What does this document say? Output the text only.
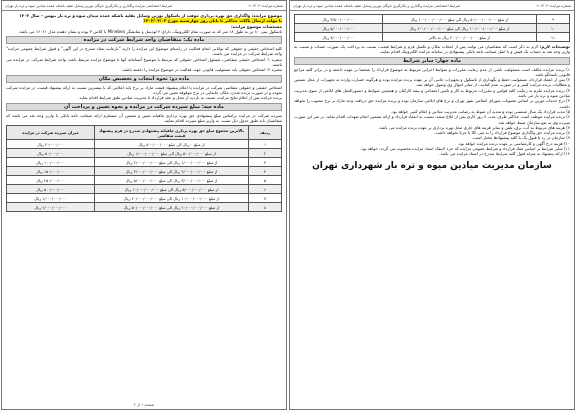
شماره مزایده: ۱۴۰۳-۰۶
شرایط اختصاصی مزایده واگذاری و بکارگیری ناوگان توزین وسایل نقلیه باشکه عمده میادین میوه و تره بار تهران
موضوع مزایده: واگذاری حق بهره برداری موقت از باسکول توزین وسایل نقلیه باشکه عمده میدان میوه و تره بار بیهس – سال ۱۴۰۳
با مهلت ارسال پاکات حداکثر تا پایان روز چهارشنبه مورخ ۱۴۰۳/۰۴/۰۳
مشخصات موضوع مزایده:
باسکول بتنی ۸۰ تن به طول ۱۸ متر که به صورت تمام الکترونیک، دارای ۴ لودسل و نمایشگر Minebea با کلاس ۳ بوده و نشان دهنده مدل ۱۶۰۶۱ می باشد.
ماده یک: متقاضیان واجد شرایط شرکت در مزایده
کلیه اشخاص حقیقی و حقوقی که توانایی انجام فعالیت در راستای موضوع این مزایده را دارند "بارعایت مفاد مندرج در این آگهی" و قبول شرایط عمومی مزایده" واجد شرایط شرکت در مزایده می باشند.
تبصره ۱: اشخاص حقیقی متقاضی، مسئول اشخاص حقوقی که مرتبط با موضوع آنسامانه آنها با موضوع مزایده مرتبط باشد، واجد شرایط شرکت در مزایده می باشند.
تبصره ۲: اشخاص حقوقی باید مسئولیت قانونی جهت فعالیت در موضوع مزایده را داشته باشند.
ماده دو: نحوه انتخاب و تخصیص مکان
اشخاص حقیقی و حقوقی متقاضی شرکت در مزایده با اعلام پیشنهاد قیمت مازاد بر نرخ پایه اعلامی که با بیشترین نسبت به ارائه پیشنهاد قیمت، در مزایده شرکت نموده و در صورت برنده شدن، مکان جانمایی در نرخ موقوفه تعیین می گردد.
برنده مزایده پس از اعلام نتایج مزایده، نسبت به بازدید از محل و عقد قرارداد با مدیریت میادین طبق شرایط اقدام نماید.
ماده سه: مبلغ سپرده شرکت در مزایده و نحوه تعیین و پرداخت آن
سپرده شرکت در مزایده براساس مبلغ پیشنهادی حق بهره برداری ماهیانه تعیین و تضمین آن مستلزم ارائه ضمانت نامه بانکی یا واریز وجه نقد می باشد که متقاضیان باید طبق جدول ذیل نسبت به واریز مبلغ سپرده اقدام نمایند.
ردیف	بالاترین مجموع مبلغ حق بهره برداری ماهیانه پیشنهادی مندرج در فرم پیشنهاد قیمت متقاضی	میزان سپرده شرکت در مزایده
۱	از مبلغ ۰ ریال الی مبلغ ۵۰۰/۰۰۰/۰۰۰ ریال	۲۰/۰۰۰/۰۰۰ ریال
۲	از مبلغ ۵۰۰/۰۰۰/۰۰۰ ریال الی مبلغ ۱/۰۰۰/۰۰۰/۰۰۰ ریال	۵۰/۰۰۰/۰۰۰ ریال
۳	از مبلغ ۱/۰۰۰/۰۰۰/۰۰۰ ریال الی مبلغ ۲/۰۰۰/۰۰۰/۰۰۰ ریال	۱۰۰/۰۰۰/۰۰۰ ریال
۴	از مبلغ ۲/۰۰۰/۰۰۰/۰۰۰ ریال الی مبلغ ۳/۰۰۰/۰۰۰/۰۰۰ ریال	۱۵۰/۰۰۰/۰۰۰ ریال
۵	از مبلغ ۳/۰۰۰/۰۰۰/۰۰۰ ریال الی مبلغ ۵/۰۰۰/۰۰۰/۰۰۰ ریال	۲۵۰/۰۰۰/۰۰۰ ریال
۶	از مبلغ ۵/۰۰۰/۰۰۰/۰۰۰ ریال الی مبلغ ۱۰/۰۰۰/۰۰۰/۰۰۰ ریال	۵۰۰/۰۰۰/۰۰۰ ریال
۷	از مبلغ ۱۰/۰۰۰/۰۰۰/۰۰۰ ریال الی مبلغ ۲۰/۰۰۰/۰۰۰/۰۰۰ ریال	۱/۰۰۰/۰۰۰/۰۰۰ ریال
۸	از مبلغ ۲۰/۰۰۰/۰۰۰/۰۰۰ ریال الی مبلغ ۵۰/۰۰۰/۰۰۰/۰۰۰ ریال	۲/۰۰۰/۰۰۰/۰۰۰ ریال
صفحه ۱ از ۲
شماره مزایده: ۱۴۰۳-۰۶
شرایط اختصاصی مزایده واگذاری و بکارگیری ناوگان توزین وسایل نقلیه باشکه عمده میادین میوه و تره بار تهران
۹	از مبلغ ۵۰/۰۰۰/۰۰۰/۰۰۰ ریال الی مبلغ ۱۰۰/۰۰۰/۰۰۰/۰۰۰ ریال	۳/۵۰۰/۰۰۰/۰۰۰ ریال
۱۰	از مبلغ ۱۰۰/۰۰۰/۰۰۰/۰۰۰ ریال الی مبلغ ۲۰۰/۰۰۰/۰۰۰/۰۰۰ ریال	۵/۰۰۰/۰۰۰/۰۰۰ ریال
۱۱	از مبلغ ۲۰۰/۰۰۰/۰۰۰/۰۰۰ ریال به بالاتر	۷/۰۰۰/۰۰۰/۰۰۰ ریال
توضیحات لازم: لازم به ذکر است که متقاضیان می توانند پس از انتخاب مکان و تکمیل فرم و شرایط قیمت، نسبت به پرداخت یک صورت حساب و نسبت به واریز وجه نقد به حساب یک فیش و یا اصل ضمانت نامه بانکی پیشنهادی در سامانه مزایده الکترونیک اقدام نمایند.
ماده چهار: سایر شرایط
۱) برنده مزایده مکلف است مسئولیت ناشی از عدم رعایت مقررات و ضوابط اجرایی مربوط به موضوع قرارداد را شخصا بر عهده داشته و در برابر کلیه مراجع قانونی پاسخگو باشد.
۲) پس از انعقاد قرارداد، مسئولیت حفظ و نگهداری از باسکول و تجهیزات جانبی آن بر عهده برنده مزایده بوده و هرگونه خسارت وارده به تجهیزات از محل تضمین و مطالبات برنده مزایده کسر و در صورت عدم کفایت، از سایر اموال وی وصول خواهد شد.
۳) برنده مزایده ملزم به رعایت کلیه قوانین و مقررات مربوط به کار و تامین اجتماعی و بیمه کارکنان و همچنین ضوابط و دستورالعمل های ابلاغی از سوی مدیریت میادین میوه و تره بار می باشد.
۴) نرخ خدمات توزین بر اساس مصوبات شورای اسلامی شهر تهران و نرخ های ابلاغی سازمان بوده و برنده مزایده حق دریافت وجه مازاد بر نرخ مصوب را نخواهد داشت.
۵) مدت قرارداد یک سال شمسی بوده و تمدید آن منوط به رضایت مدیریت میادین و اعلام کتبی خواهد بود.
۶) برنده مزایده موظف است حداکثر ظرف مدت ۷ روز کاری پس از ابلاغ نتیجه، نسبت به انعقاد قرارداد و ارائه تضمین انجام تعهدات اقدام نماید، در غیر این صورت سپرده وی به نفع سازمان ضبط خواهد شد.
۷) هزینه های مربوط به آب، برق، تلفن و سایر هزینه های جاری محل بهره برداری بر عهده برنده مزایده می باشد.
۸) برنده مزایده حق واگذاری موضوع قرارداد را به غیر، کلا یا جزئا نخواهد داشت.
۹) سازمان در رد یا قبول یک یا کلیه پیشنهادها مختار است.
۱۰) هزینه درج آگهی و کارشناسی بر عهده برنده مزایده خواهد بود.
۱۱) سایر شرایط بر اساس مفاد قرارداد و شرایط عمومی مزایده که جزء لاینفک اسناد مزایده محسوب می گردد، خواهد بود.
۱۲) ارائه پیشنهاد به منزله قبول کلیه شرایط مندرج در اسناد مزایده می باشد.
سازمان مدیریت میادین میوه و تره بار شهرداری تهران
